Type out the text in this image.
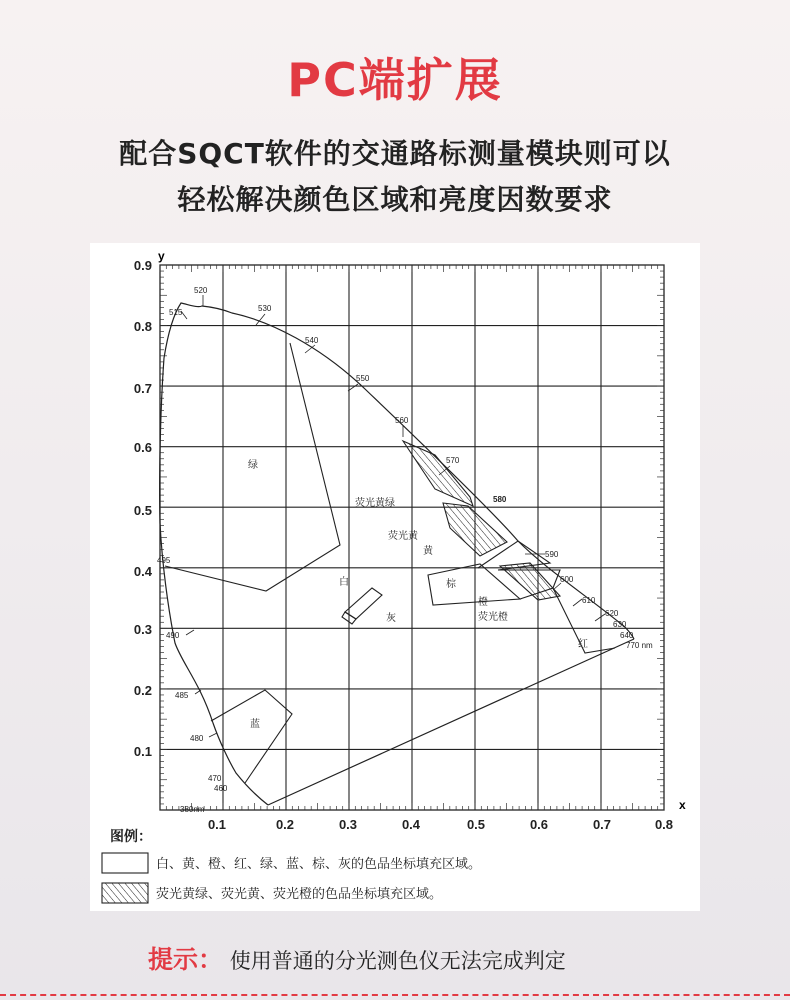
PC端扩展
配合SQCT软件的交通路标测量模块则可以
轻松解决颜色区域和亮度因数要求
y
x
0.9
0.8
0.7
0.6
0.5
0.4
0.3
0.2
0.1
0.1	0.2	0.3	0.4	0.5	0.6	0.7	0.8
380nm
460
470
480
485
490
495
515
520
530
540
550
560
570
580
590
600
610
620
630
640
770 nm
绿
荧光黄绿
荧光黄
黄
棕
橙
荧光橙
白
灰
红
蓝
图例：
白、黄、橙、红、绿、蓝、棕、灰的色品坐标填充区域。
荧光黄绿、荧光黄、荧光橙的色品坐标填充区域。
提示： 使用普通的分光测色仪无法完成判定
